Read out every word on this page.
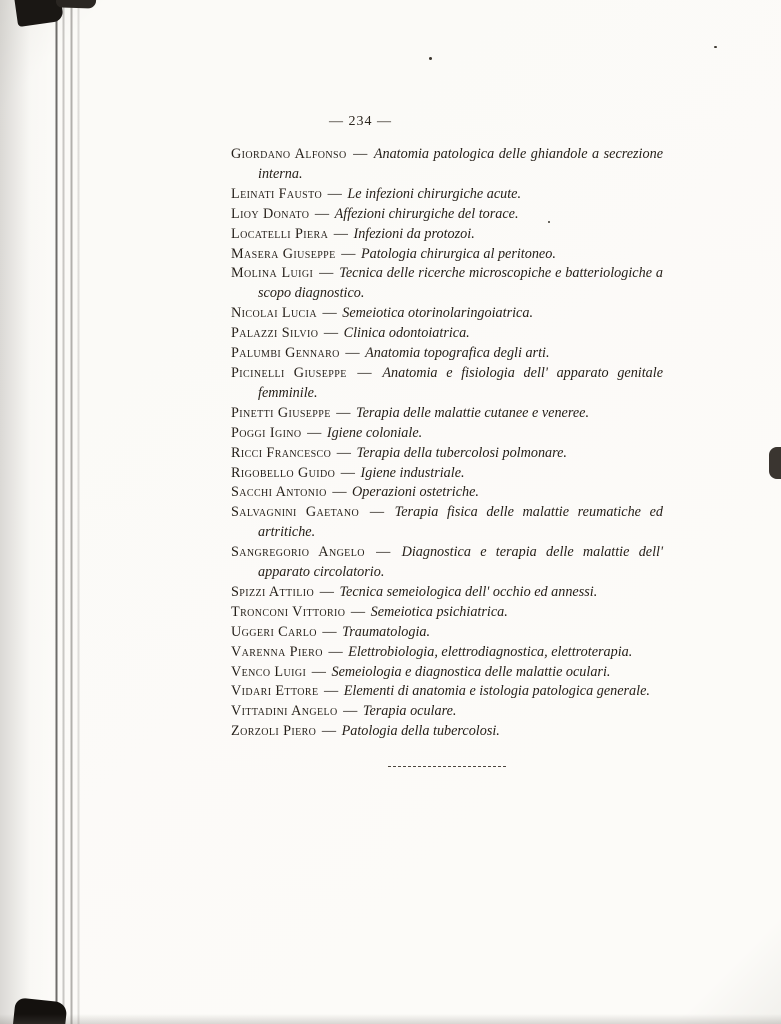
— 234 —

Giordano Alfonso — Anatomia patologica delle ghiandole a secrezione interna.

Leinati Fausto — Le infezioni chirurgiche acute.

Lioy Donato — Affezioni chirurgiche del torace.

Locatelli Piera — Infezioni da protozoi.

Masera Giuseppe — Patologia chirurgica al peritoneo.

Molina Luigi — Tecnica delle ricerche microscopiche e batteriologiche a scopo diagnostico.

Nicolai Lucia — Semeiotica otorinolaringoiatrica.

Palazzi Silvio — Clinica odontoiatrica.

Palumbi Gennaro — Anatomia topografica degli arti.

Picinelli Giuseppe — Anatomia e fisiologia dell' apparato genitale femminile.

Pinetti Giuseppe — Terapia delle malattie cutanee e veneree.

Poggi Igino — Igiene coloniale.

Ricci Francesco — Terapia della tubercolosi polmonare.

Rigobello Guido — Igiene industriale.

Sacchi Antonio — Operazioni ostetriche.

Salvagnini Gaetano — Terapia fisica delle malattie reumatiche ed artritiche.

Sangregorio Angelo — Diagnostica e terapia delle malattie dell' apparato circolatorio.

Spizzi Attilio — Tecnica semeiologica dell' occhio ed annessi.

Tronconi Vittorio — Semeiotica psichiatrica.

Uggeri Carlo — Traumatologia.

Varenna Piero — Elettrobiologia, elettrodiagnostica, elettroterapia.

Venco Luigi — Semeiologia e diagnostica delle malattie oculari.

Vidari Ettore — Elementi di anatomia e istologia patologica generale.

Vittadini Angelo — Terapia oculare.

Zorzoli Piero — Patologia della tubercolosi.
